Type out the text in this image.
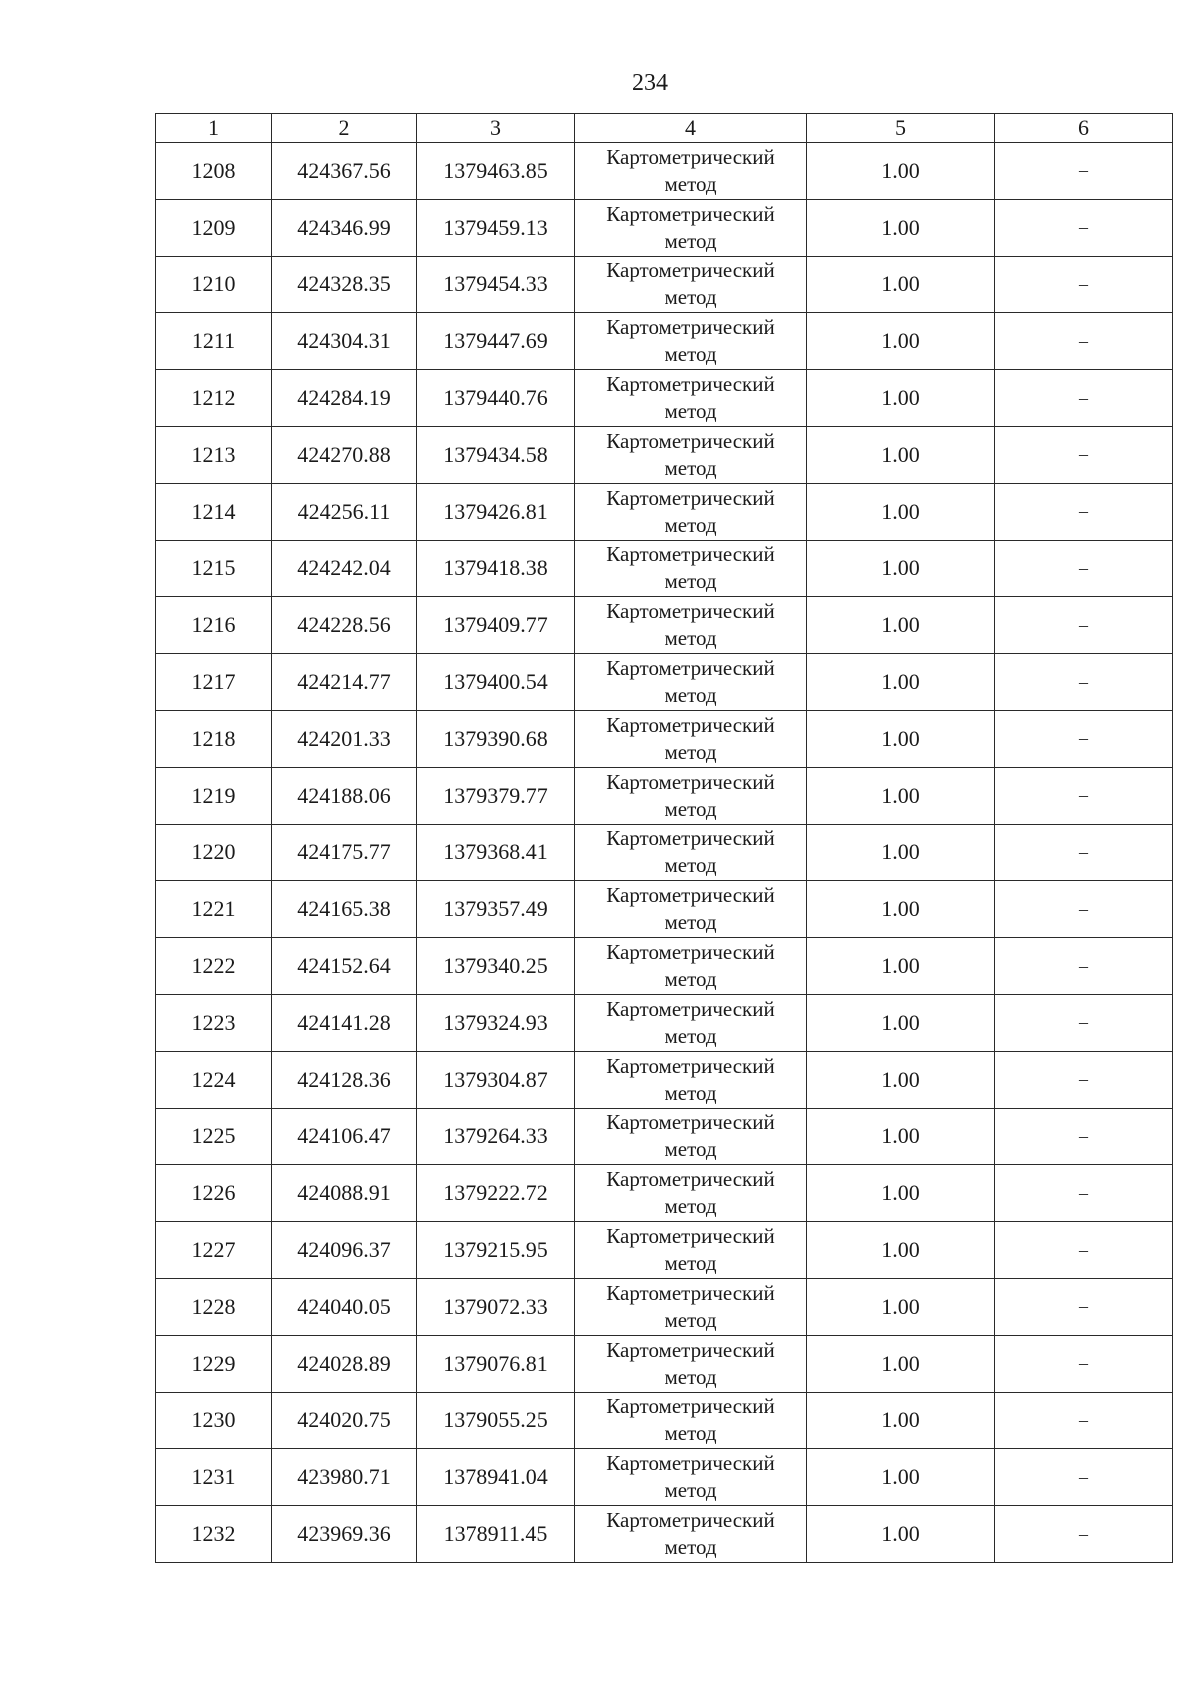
234
1	2	3	4	5	6
1208	424367.56	1379463.85	Картометрический
метод	1.00	–
1209	424346.99	1379459.13	Картометрический
метод	1.00	–
1210	424328.35	1379454.33	Картометрический
метод	1.00	–
1211	424304.31	1379447.69	Картометрический
метод	1.00	–
1212	424284.19	1379440.76	Картометрический
метод	1.00	–
1213	424270.88	1379434.58	Картометрический
метод	1.00	–
1214	424256.11	1379426.81	Картометрический
метод	1.00	–
1215	424242.04	1379418.38	Картометрический
метод	1.00	–
1216	424228.56	1379409.77	Картометрический
метод	1.00	–
1217	424214.77	1379400.54	Картометрический
метод	1.00	–
1218	424201.33	1379390.68	Картометрический
метод	1.00	–
1219	424188.06	1379379.77	Картометрический
метод	1.00	–
1220	424175.77	1379368.41	Картометрический
метод	1.00	–
1221	424165.38	1379357.49	Картометрический
метод	1.00	–
1222	424152.64	1379340.25	Картометрический
метод	1.00	–
1223	424141.28	1379324.93	Картометрический
метод	1.00	–
1224	424128.36	1379304.87	Картометрический
метод	1.00	–
1225	424106.47	1379264.33	Картометрический
метод	1.00	–
1226	424088.91	1379222.72	Картометрический
метод	1.00	–
1227	424096.37	1379215.95	Картометрический
метод	1.00	–
1228	424040.05	1379072.33	Картометрический
метод	1.00	–
1229	424028.89	1379076.81	Картометрический
метод	1.00	–
1230	424020.75	1379055.25	Картометрический
метод	1.00	–
1231	423980.71	1378941.04	Картометрический
метод	1.00	–
1232	423969.36	1378911.45	Картометрический
метод	1.00	–
